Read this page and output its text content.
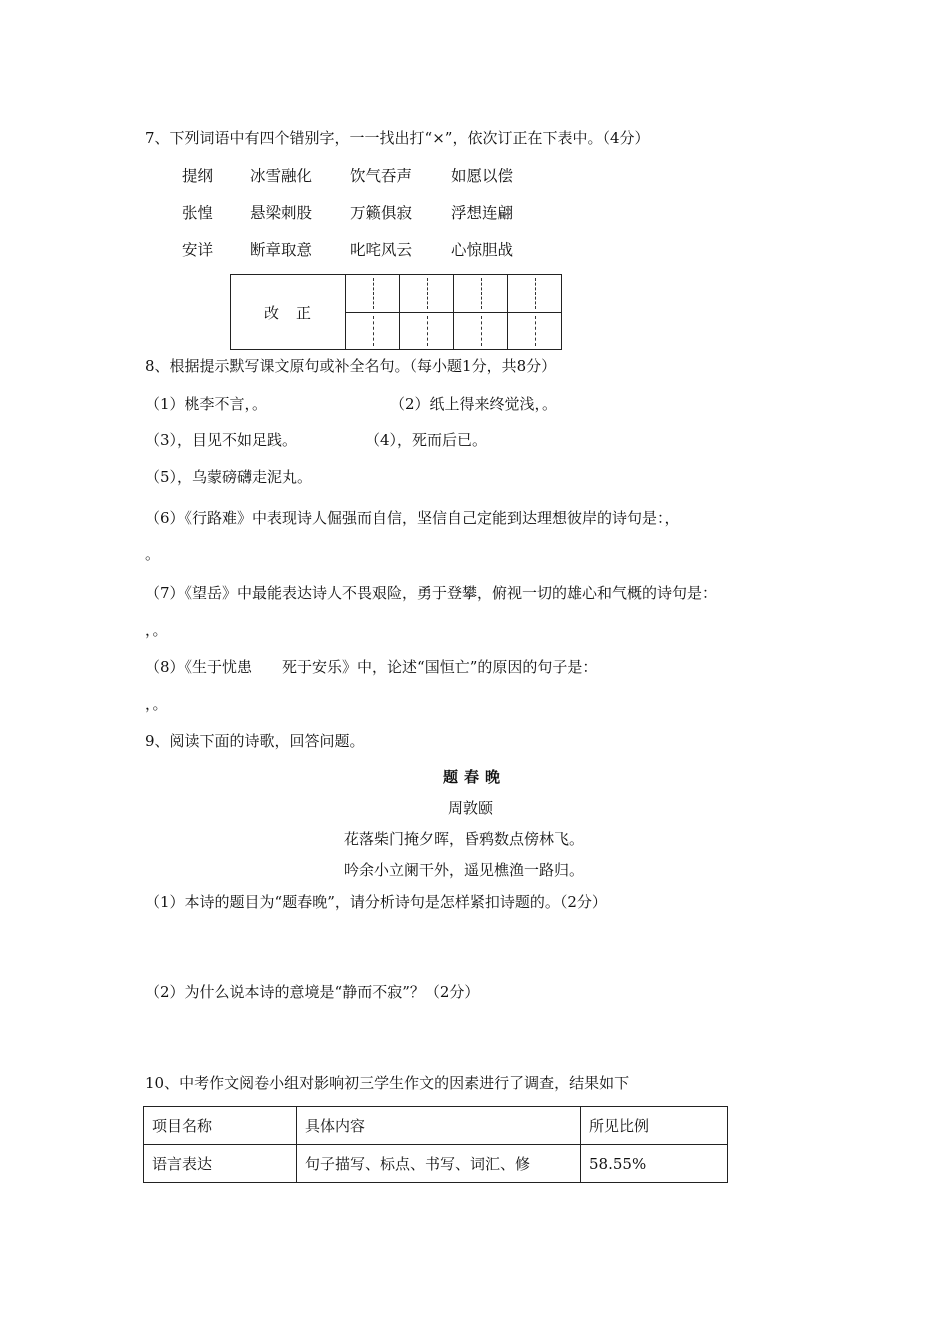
7、下列词语中有四个错别字，一一找出打“×”，依次订正在下表中。（4分）
提纲 冰雪融化 饮气吞声	如愿以偿
张惶 悬梁刺股 万籁俱寂	浮想连翩
安详 断章取意 叱咤风云	心惊胆战
改　正				

8、根据提示默写课文原句或补全名句。（每小题1分，共8分）
（1）桃李不言，。	（2）纸上得来终觉浅，。
（3），目见不如足践。	（4），死而后已。
（5），乌蒙磅礴走泥丸。
（6）《行路难》中表现诗人倔强而自信，坚信自己定能到达理想彼岸的诗句是：，
。
（7）《望岳》中最能表达诗人不畏艰险，勇于登攀，俯视一切的雄心和气概的诗句是：
，。
（8）《生于忧患　　死于安乐》中，论述“国恒亡”的原因的句子是：
，。
9、阅读下面的诗歌，回答问题。
题春晚
周敦颐
花落柴门掩夕晖，昏鸦数点傍林飞。
吟余小立阑干外，遥见樵渔一路归。
（1）本诗的题目为“题春晚”，请分析诗句是怎样紧扣诗题的。（2分）
（2）为什么说本诗的意境是“静而不寂”？（2分）
10、中考作文阅卷小组对影响初三学生作文的因素进行了调查，结果如下
项目名称	具体内容	所见比例
语言表达	句子描写、标点、书写、词汇、修	58.55%
